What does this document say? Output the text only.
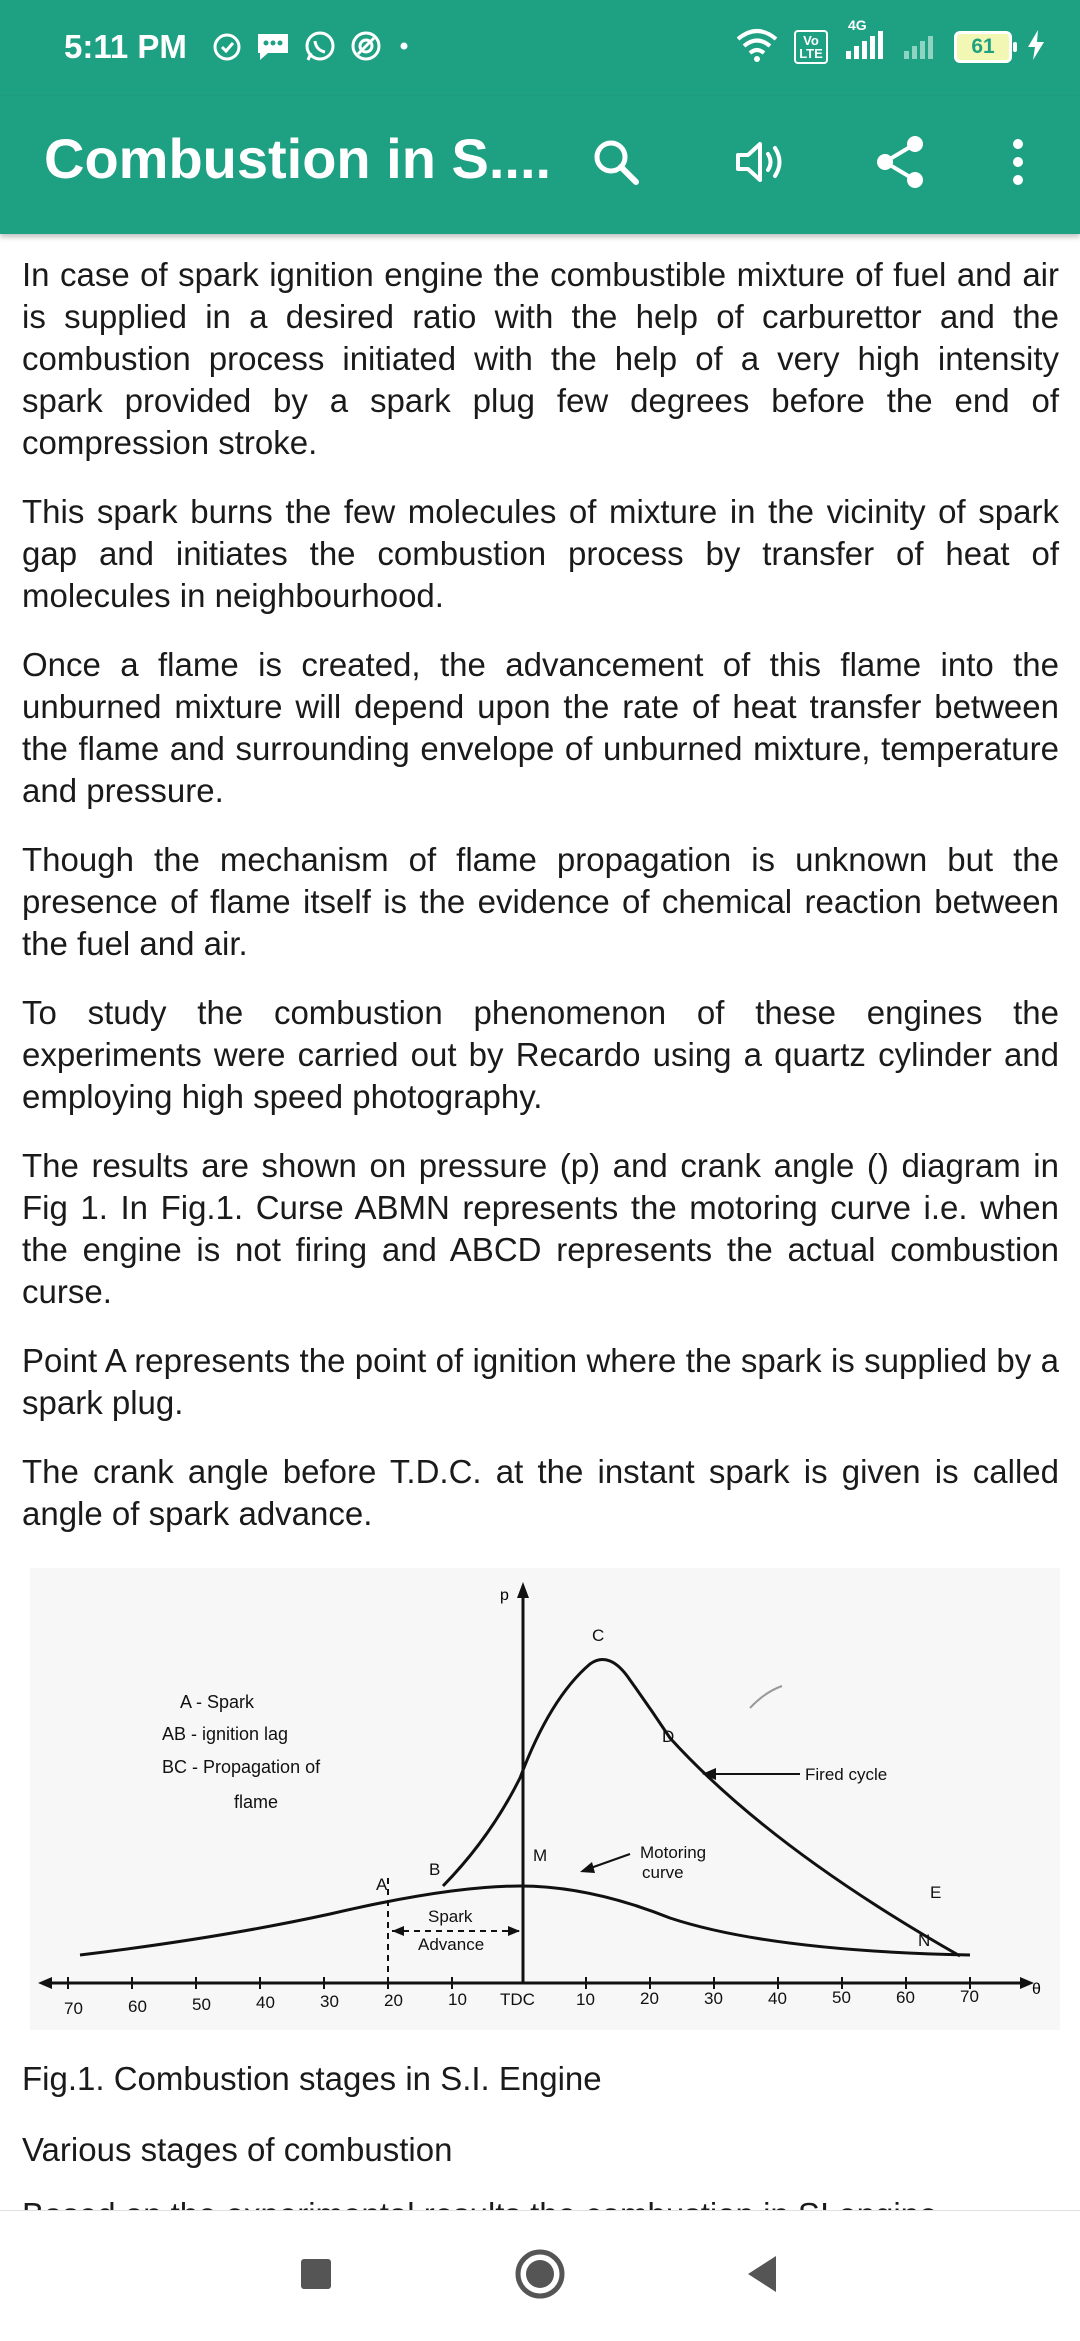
5:11 PM	Vo LTE
4G
61
Combustion in S....

In case of spark ignition engine the combustible mixture of fuel and air is supplied in a desired ratio with the help of carburettor and the combustion process initiated with the help of a very high intensity spark provided by a spark plug few degrees before the end of compression stroke.

This spark burns the few molecules of mixture in the vicinity of spark gap and initiates the combustion process by transfer of heat of molecules in neighbourhood.

Once a flame is created, the advancement of this flame into the unburned mixture will depend upon the rate of heat transfer between the flame and surrounding envelope of unburned mixture, temperature and pressure.

Though the mechanism of flame propagation is unknown but the presence of flame itself is the evidence of chemical reaction between the fuel and air.

To study the combustion phenomenon of these engines the experiments were carried out by Recardo using a quartz cylinder and employing high speed photography.

The results are shown on pressure (p) and crank angle () diagram in Fig 1. In Fig.1. Curse ABMN represents the motoring curve i.e. when the engine is not firing and ABCD represents the actual combustion curse.

Point A represents the point of ignition where the spark is supplied by a spark plug.

The crank angle before T.D.C. at the instant spark is given is called angle of spark advance.

p
θ
70	60	50	40	30	20	10 TDC 10	20	30	40	50	60	70
A
B
C
D
M
E
N
A - Spark
AB - ignition lag
BC - Propagation of
flame
Fired cycle
Motoring
curve
Spark
Advance
Fig.1. Combustion stages in S.I. Engine
Various stages of combustion
